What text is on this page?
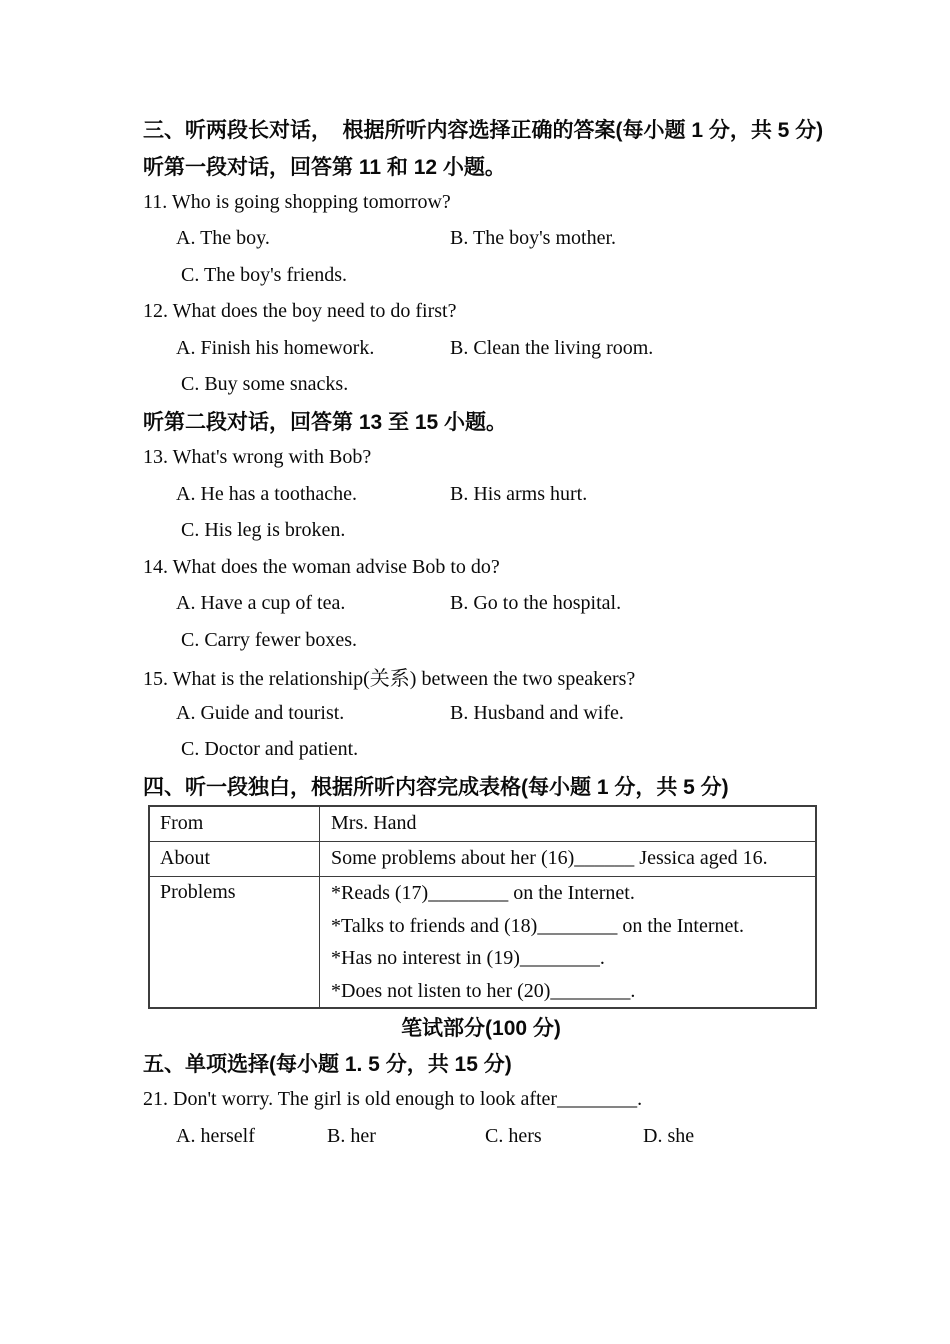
三、听两段长对话，　根据所听内容选择正确的答案(每小题 1 分，共 5 分)
听第一段对话，回答第 11 和 12 小题。
11. Who is going shopping tomorrow?
A. The boy.	B. The boy's mother.
C. The boy's friends.
12. What does the boy need to do first?
A. Finish his homework.	B. Clean the living room.
C. Buy some snacks.
听第二段对话，回答第 13 至 15 小题。
13. What's wrong with Bob?
A. He has a toothache.	B. His arms hurt.
C. His leg is broken.
14. What does the woman advise Bob to do?
A. Have a cup of tea.	B. Go to the hospital.
C. Carry fewer boxes.
15. What is the relationship(关系) between the two speakers?
A. Guide and tourist.	B. Husband and wife.
C. Doctor and patient.
四、听一段独白，根据所听内容完成表格(每小题 1 分，共 5 分)
From	Mrs. Hand
About	Some problems about her (16)______ Jessica aged 16.
Problems	*Reads (17)________ on the Internet.
*Talks to friends and (18)________ on the Internet.
*Has no interest in (19)________.
*Does not listen to her (20)________.
笔试部分(100 分)
五、单项选择(每小题 1. 5 分，共 15 分)
21. Don't worry. The girl is old enough to look after________.
A. herself	B. her	C. hers	D. she
